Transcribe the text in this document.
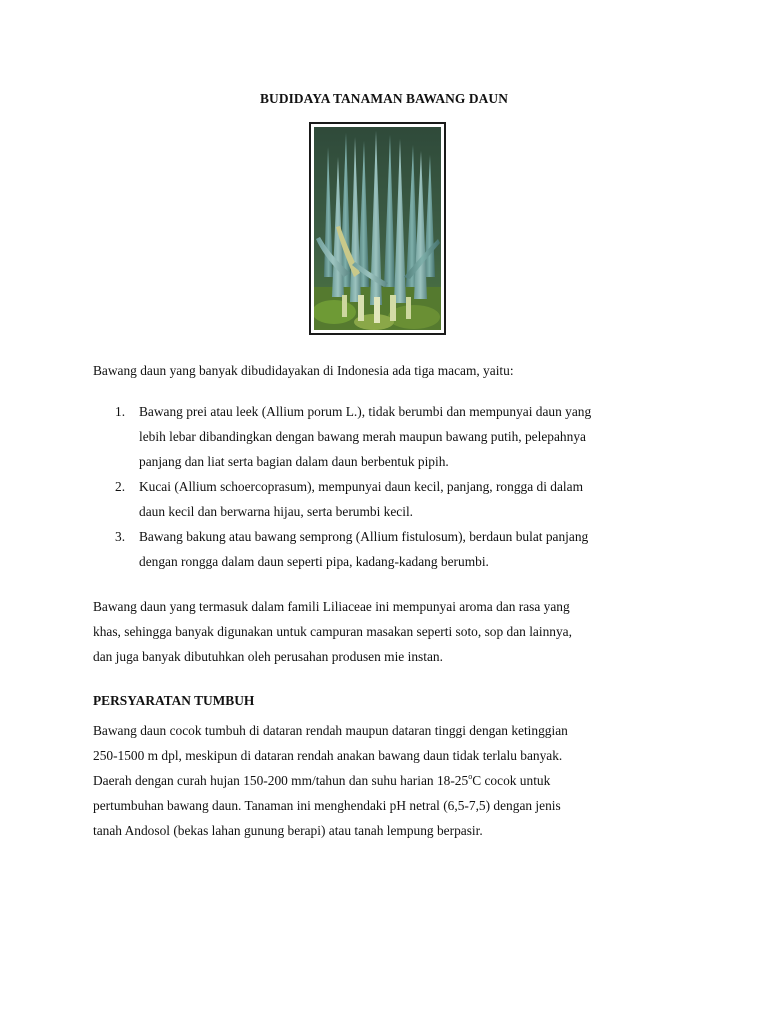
BUDIDAYA TANAMAN BAWANG DAUN

Bawang daun yang banyak dibudidayakan di Indonesia ada tiga macam, yaitu:

1. Bawang prei atau leek (Allium porum L.), tidak berumbi dan mempunyai daun yang
lebih lebar dibandingkan dengan bawang merah maupun bawang putih, pelepahnya
panjang dan liat serta bagian dalam daun berbentuk pipih.
2. Kucai (Allium schoercoprasum), mempunyai daun kecil, panjang, rongga di dalam
daun kecil dan berwarna hijau, serta berumbi kecil.
3. Bawang bakung atau bawang semprong (Allium fistulosum), berdaun bulat panjang
dengan rongga dalam daun seperti pipa, kadang-kadang berumbi.
Bawang daun yang termasuk dalam famili Liliaceae ini mempunyai aroma dan rasa yang
khas, sehingga banyak digunakan untuk campuran masakan seperti soto, sop dan lainnya,
dan juga banyak dibutuhkan oleh perusahan produsen mie instan.
PERSYARATAN TUMBUH
Bawang daun cocok tumbuh di dataran rendah maupun dataran tinggi dengan ketinggian
250-1500 m dpl, meskipun di dataran rendah anakan bawang daun tidak terlalu banyak.
Daerah dengan curah hujan 150-200 mm/tahun dan suhu harian 18-25$^o$C cocok untuk
pertumbuhan bawang daun. Tanaman ini menghendaki pH netral (6,5-7,5) dengan jenis
tanah Andosol (bekas lahan gunung berapi) atau tanah lempung berpasir.
